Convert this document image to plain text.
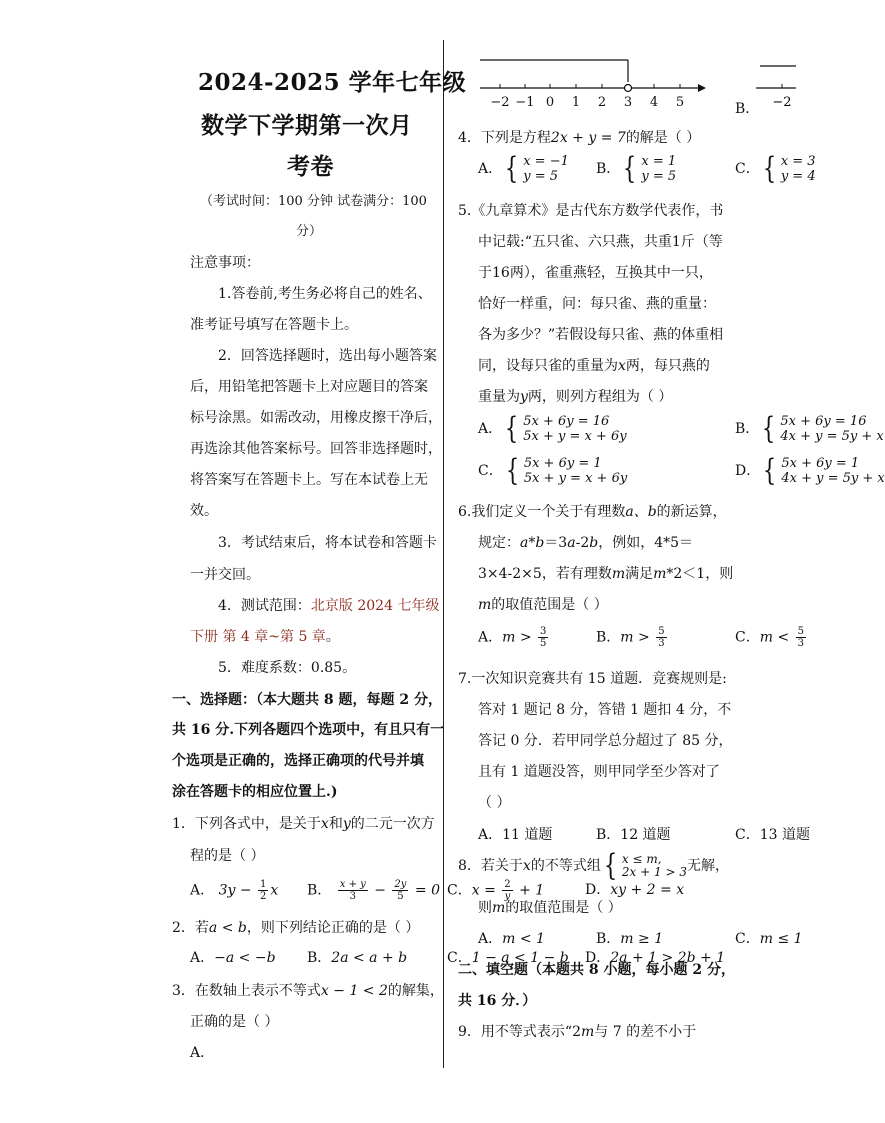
2024-2025 学年七年级
数学下学期第一次月
考卷
（考试时间：100 分钟 试卷满分：100
分）
注意事项：
1.答卷前,考生务必将自己的姓名、
准考证号填写在答题卡上。
2．回答选择题时，选出每小题答案
后，用铅笔把答题卡上对应题目的答案
标号涂黑。如需改动，用橡皮擦干净后，
再选涂其他答案标号。回答非选择题时，
将答案写在答题卡上。写在本试卷上无
效。
3．考试结束后，将本试卷和答题卡
一并交回。
4．测试范围：北京版 2024 七年级
下册 第 4 章~第 5 章。
5．难度系数：0.85。
一、选择题：（本大题共 8 题，每题 2 分，
共 16 分.下列各题四个选项中，有且只有一
个选项是正确的，选择正确项的代号并填
涂在答题卡的相应位置上.)
1．下列各式中，是关于x和y的二元一次方
程的是（ ）
A． $3y - \frac{1}{2}$ x B． $\frac{x + y}{3} - \frac{2y}{5} = 0$
2．若a < b，则下列结论正确的是（ ）
A．−a < −b B．2a < a + b
3．在数轴上表示不等式x − 1 < 2的解集，
正确的是（ ）
A．
−2 −1 0 1 2 3 4 5	B． −2
4．下列是方程2x + y = 7的解是（ ）
A． { x = −1
y = 5	B． { x = 1
y = 5	C． { x = 3
y = 4
5.《九章算术》是古代东方数学代表作，书
中记载:“五只雀、六只燕，共重1斤（等
于16两），雀重燕轻，互换其中一只，
恰好一样重，问：每只雀、燕的重量：
各为多少？”若假设每只雀、燕的体重相
同，设每只雀的重量为x两，每只燕的
重量为y两，则列方程组为（ ）
A． { 5x + 6y = 16
5x + y = x + 6y	B． { 5x + 6y = 16
4x + y = 5y + x
C． { 5x + 6y = 1
5x + y = x + 6y	D． { 5x + 6y = 1
4x + y = 5y + x
6.我们定义一个关于有理数a、b的新运算，
规定：a*b＝3a-2b，例如，4*5＝
3×4-2×5，若有理数m满足m*2＜1，则
m的取值范围是（ ）
A．$m > \frac{3}{5}$	B．$m > \frac{5}{3}$	C．$m < \frac{5}{3}$
7.一次知识竞赛共有 15 道题．竞赛规则是:
答对 1 题记 8 分，答错 1 题扣 4 分，不
答记 0 分．若甲同学总分超过了 85 分，
且有 1 道题没答，则甲同学至少答对了
（ ）
A．11 道题	B．12 道题	C．13 道题
8．若关于x的不等式组 { x ≤ m,
2x + 1 > 3 无解，
C．$x = \frac{2}{y} + 1$	D．xy + 2 = x
则m的取值范围是（ ）
A．m < 1	B．m ≥ 1	C．m ≤ 1
二、填空题（本题共 8 小题，每小题 2 分，
C．1 − a < 1 − b D．2a + 1 > 2b + 1
共 16 分．）
9．用不等式表示“2m与 7 的差不小于
